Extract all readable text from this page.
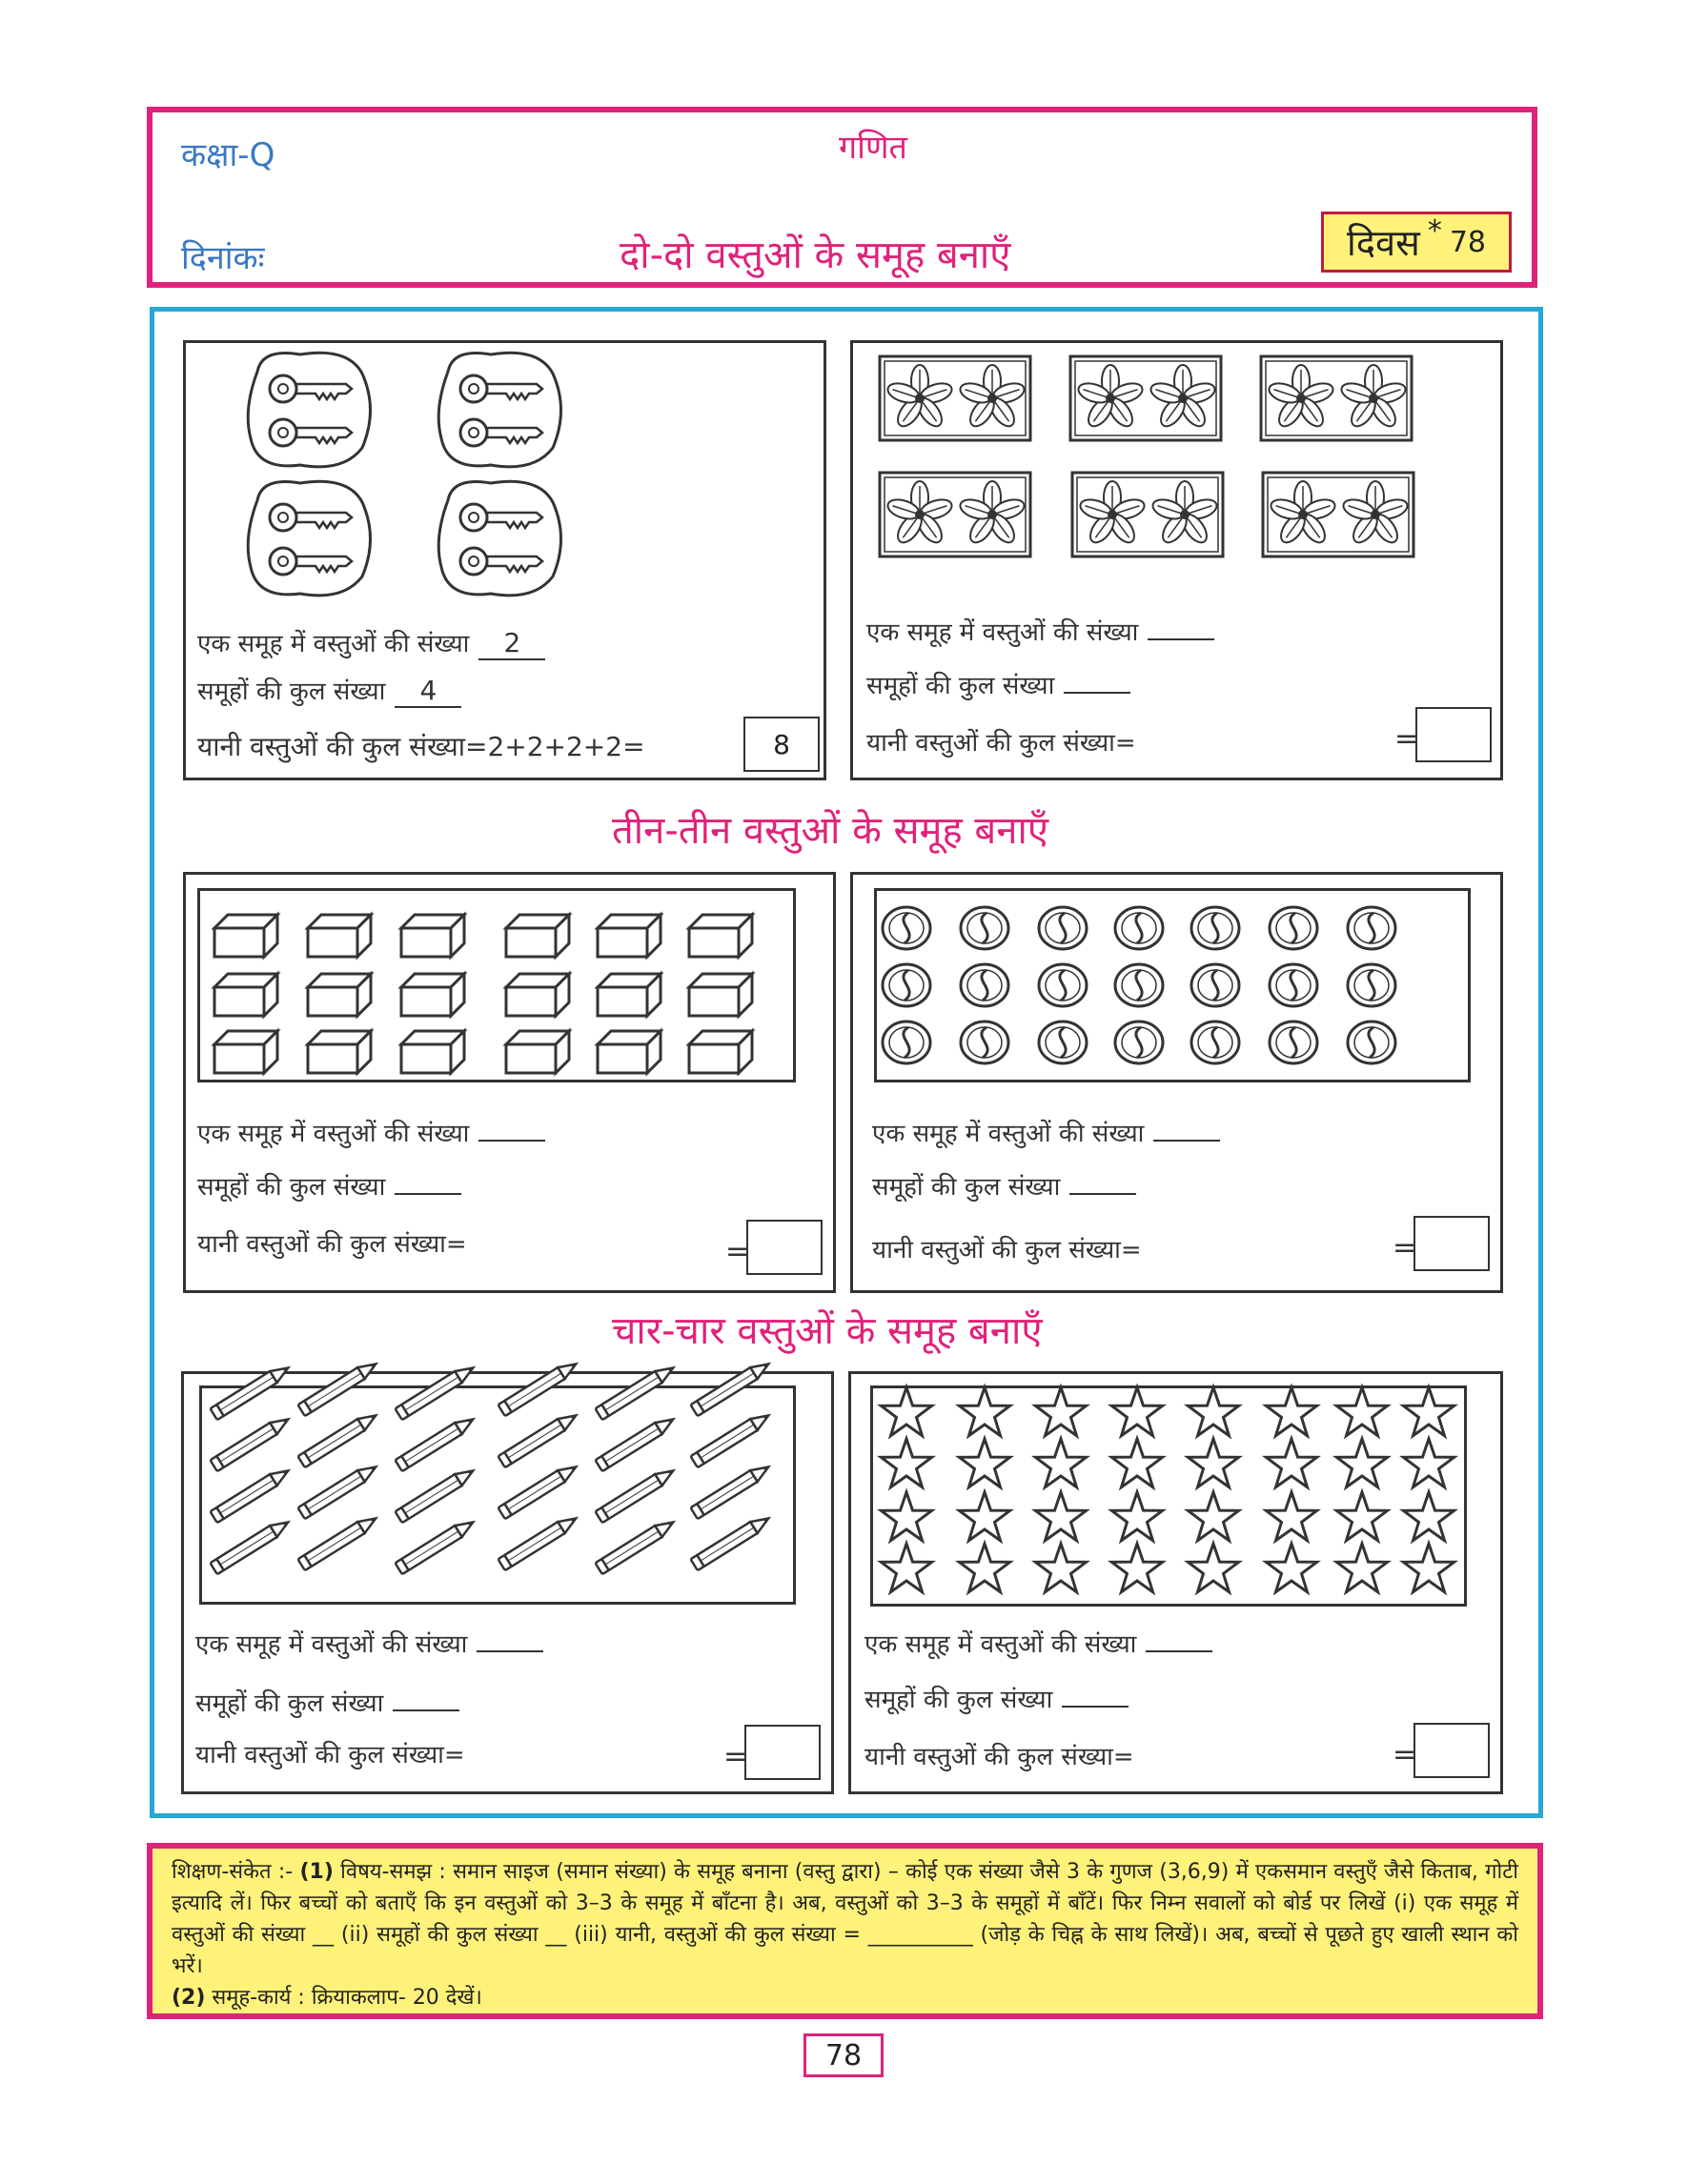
कक्षा-Q	गणित
दिनांकः	दो-दो वस्तुओं के समूह बनाएँ	दिवस * 78
एक समूह में वस्तुओं की संख्या 2
समूहों की कुल संख्या 4
यानी वस्तुओं की कुल संख्या=2+2+2+2=	8
एक समूह में वस्तुओं की संख्या
समूहों की कुल संख्या
यानी वस्तुओं की कुल संख्या=	=
तीन-तीन वस्तुओं के समूह बनाएँ
एक समूह में वस्तुओं की संख्या
समूहों की कुल संख्या
यानी वस्तुओं की कुल संख्या=	=
एक समूह में वस्तुओं की संख्या
समूहों की कुल संख्या
यानी वस्तुओं की कुल संख्या=	=
चार-चार वस्तुओं के समूह बनाएँ
एक समूह में वस्तुओं की संख्या
समूहों की कुल संख्या
यानी वस्तुओं की कुल संख्या=	=
एक समूह में वस्तुओं की संख्या
समूहों की कुल संख्या
यानी वस्तुओं की कुल संख्या=	=
शिक्षण-संकेत :- (1) विषय-समझ : समान साइज (समान संख्या) के समूह बनाना (वस्तु द्वारा) – कोई एक संख्या जैसे 3 के गुणज (3,6,9) में एकसमान वस्तुएँ जैसे किताब, गोटी इत्यादि लें। फिर बच्चों को बताएँ कि इन वस्तुओं को 3–3 के समूह में बाँटना है। अब, वस्तुओं को 3–3 के समूहों में बाँटें। फिर निम्न सवालों को बोर्ड पर लिखें (i) एक समूह में वस्तुओं की संख्या __ (ii) समूहों की कुल संख्या __ (iii) यानी, वस्तुओं की कुल संख्या = __________ (जोड़ के चिह्न के साथ लिखें)। अब, बच्चों से पूछते हुए खाली स्थान को भरें।
(2) समूह-कार्य : क्रियाकलाप- 20 देखें।
78
